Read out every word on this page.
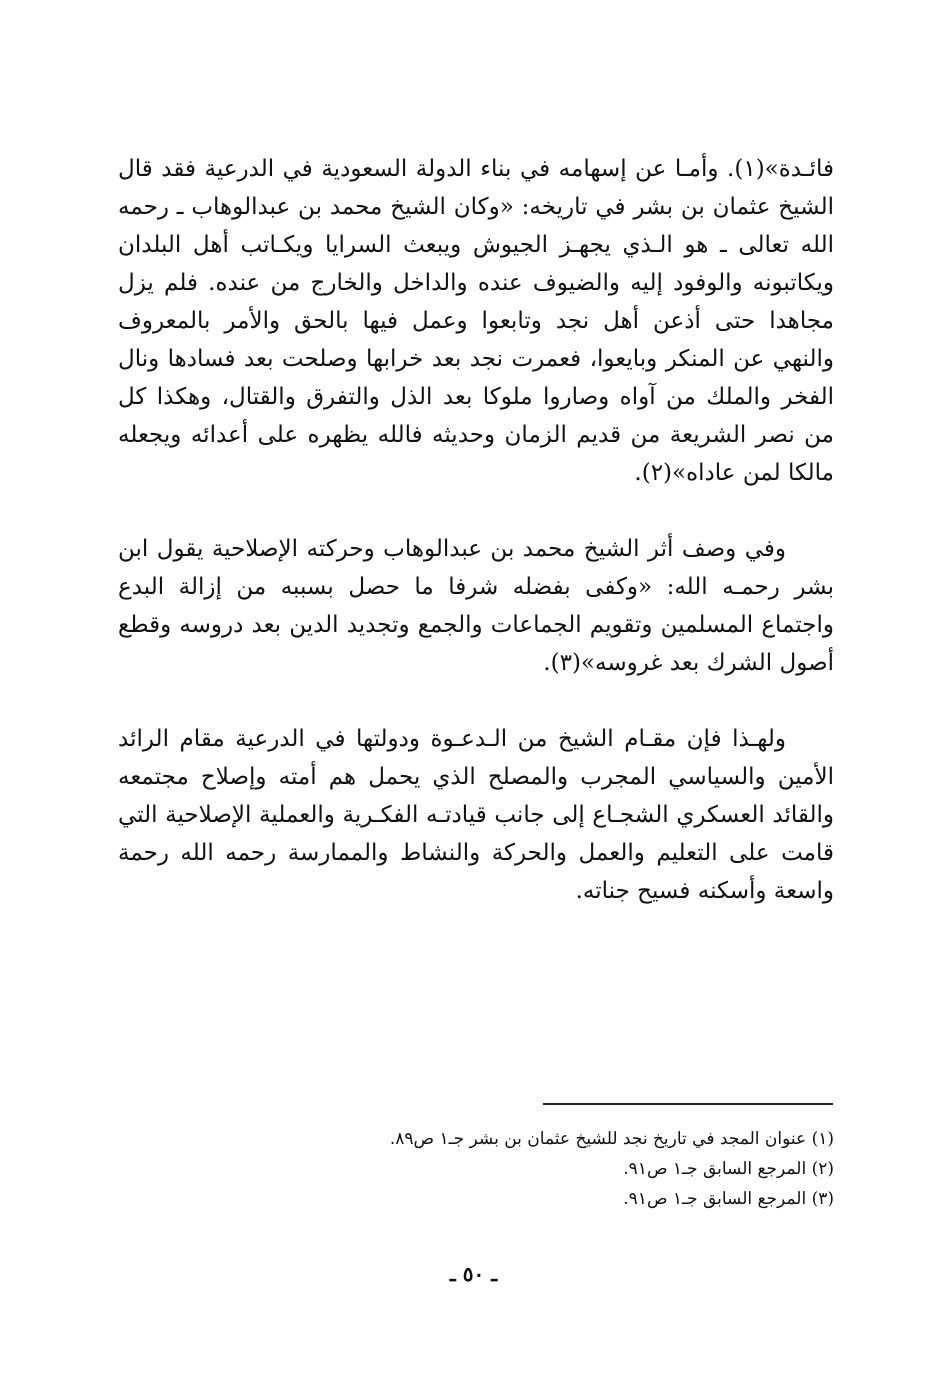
فائـدة»(١). وأمـا عن إسهامه في بناء الدولة السعودية في الدرعية فقد قال الشيخ عثمان بن بشر في تاريخه: «وكان الشيخ محمد بن عبدالوهاب ـ رحمه الله تعالى ـ هو الـذي يجهـز الجيوش ويبعث السرايا ويكـاتب أهل البلدان ويكاتبونه والوفود إليه والضيوف عنده والداخل والخارج من عنده. فلم يزل مجاهدا حتى أذعن أهل نجد وتابعوا وعمل فيها بالحق والأمر بالمعروف والنهي عن المنكر وبايعوا، فعمرت نجد بعد خرابها وصلحت بعد فسادها ونال الفخر والملك من آواه وصاروا ملوكا بعد الذل والتفرق والقتال، وهكذا كل من نصر الشريعة من قديم الزمان وحديثه فالله يظهره على أعدائه ويجعله مالكا لمن عاداه»(٢).

وفي وصف أثر الشيخ محمد بن عبدالوهاب وحركته الإصلاحية يقول ابن بشر رحمـه الله: «وكفى بفضله شرفا ما حصل بسببه من إزالة البدع واجتماع المسلمين وتقويم الجماعات والجمع وتجديد الدين بعد دروسه وقطع أصول الشرك بعد غروسه»(٣).

ولهـذا فإن مقـام الشيخ من الـدعـوة ودولتها في الدرعية مقام الرائد الأمين والسياسي المجرب والمصلح الذي يحمل هم أمته وإصلاح مجتمعه والقائد العسكري الشجـاع إلى جانب قيادتـه الفكـرية والعملية الإصلاحية التي قامت على التعليم والعمل والحركة والنشاط والممارسة رحمه الله رحمة واسعة وأسكنه فسيح جناته.

(١) عنوان المجد في تاريخ نجد للشيخ عثمان بن بشر جـ١ ص٨٩.

(٢) المرجع السابق جـ١ ص٩١.

(٣) المرجع السابق جـ١ ص٩١.

ـ ٥٠ ـ
